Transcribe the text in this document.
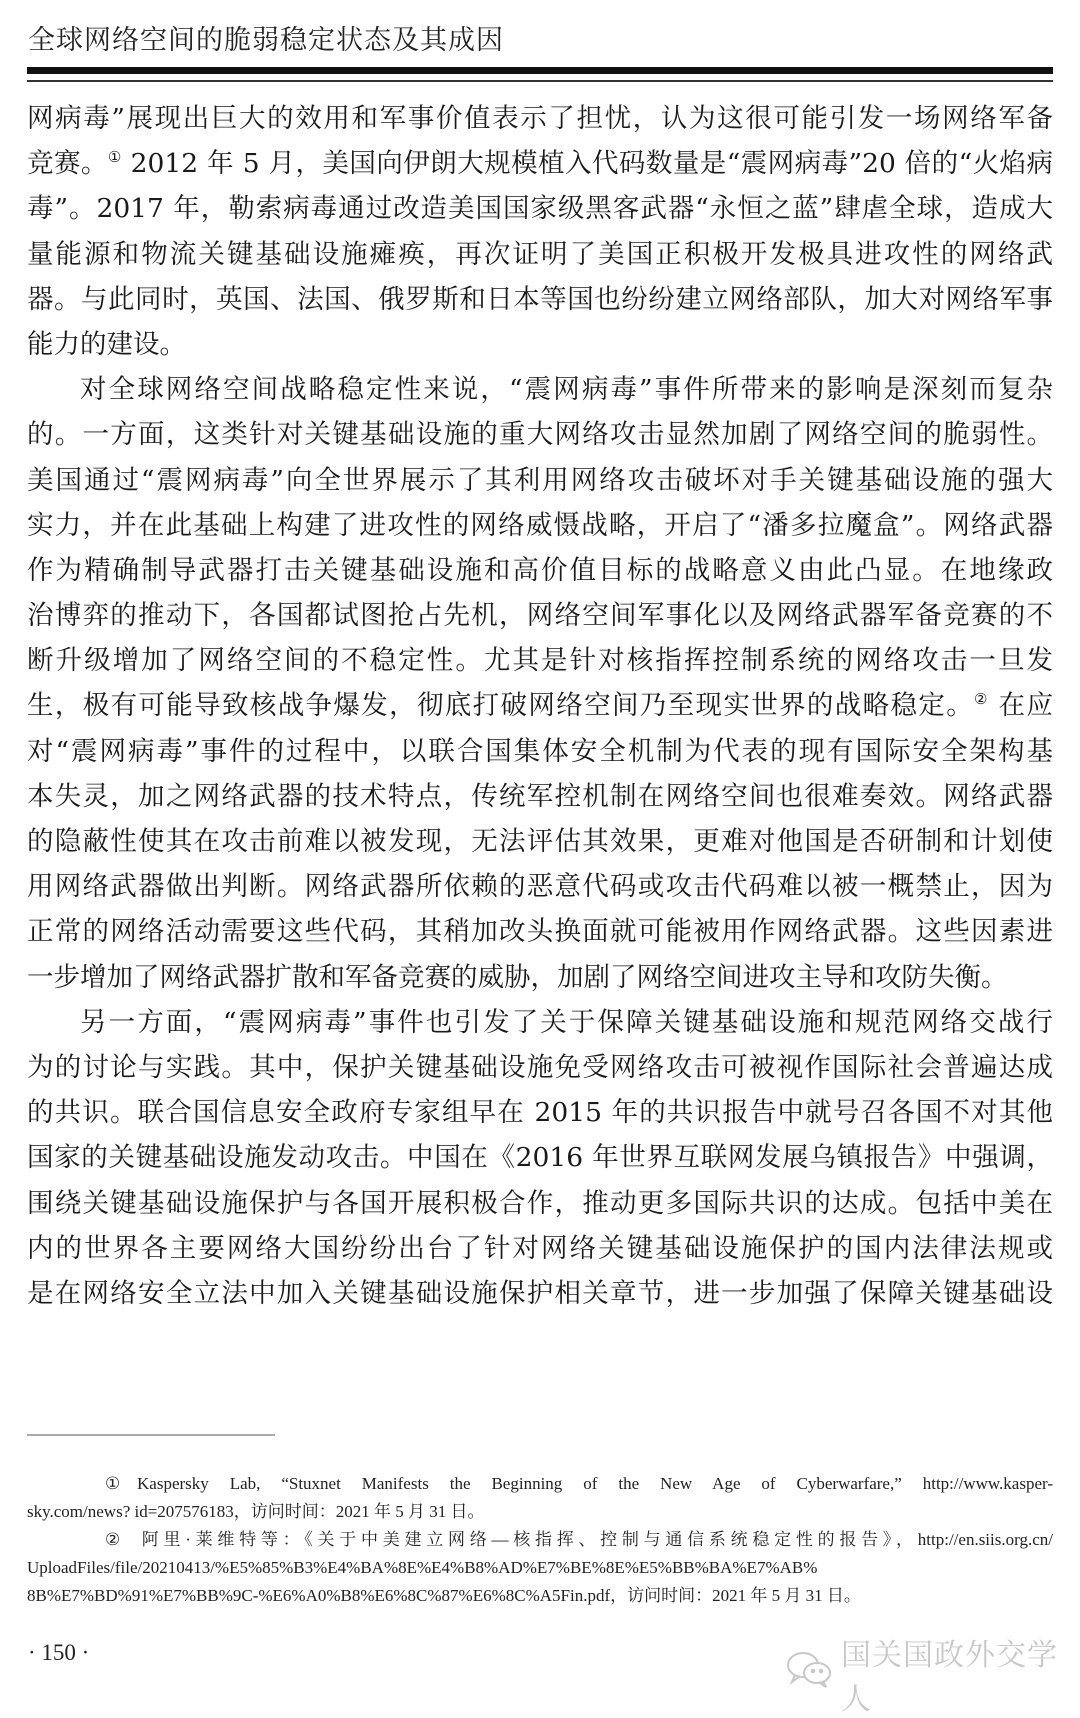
全球网络空间的脆弱稳定状态及其成因
网病毒”展现出巨大的效用和军事价值表示了担忧，认为这很可能引发一场网络军备
竞赛。① 2012 年 5 月，美国向伊朗大规模植入代码数量是“震网病毒”20 倍的“火焰病
毒”。2017 年，勒索病毒通过改造美国国家级黑客武器“永恒之蓝”肆虐全球，造成大
量能源和物流关键基础设施瘫痪，再次证明了美国正积极开发极具进攻性的网络武
器。与此同时，英国、法国、俄罗斯和日本等国也纷纷建立网络部队，加大对网络军事
能力的建设。
对全球网络空间战略稳定性来说，“震网病毒”事件所带来的影响是深刻而复杂
的。一方面，这类针对关键基础设施的重大网络攻击显然加剧了网络空间的脆弱性。
美国通过“震网病毒”向全世界展示了其利用网络攻击破坏对手关键基础设施的强大
实力，并在此基础上构建了进攻性的网络威慑战略，开启了“潘多拉魔盒”。网络武器
作为精确制导武器打击关键基础设施和高价值目标的战略意义由此凸显。在地缘政
治博弈的推动下，各国都试图抢占先机，网络空间军事化以及网络武器军备竞赛的不
断升级增加了网络空间的不稳定性。尤其是针对核指挥控制系统的网络攻击一旦发
生，极有可能导致核战争爆发，彻底打破网络空间乃至现实世界的战略稳定。② 在应
对“震网病毒”事件的过程中，以联合国集体安全机制为代表的现有国际安全架构基
本失灵，加之网络武器的技术特点，传统军控机制在网络空间也很难奏效。网络武器
的隐蔽性使其在攻击前难以被发现，无法评估其效果，更难对他国是否研制和计划使
用网络武器做出判断。网络武器所依赖的恶意代码或攻击代码难以被一概禁止，因为
正常的网络活动需要这些代码，其稍加改头换面就可能被用作网络武器。这些因素进
一步增加了网络武器扩散和军备竞赛的威胁，加剧了网络空间进攻主导和攻防失衡。
另一方面，“震网病毒”事件也引发了关于保障关键基础设施和规范网络交战行
为的讨论与实践。其中，保护关键基础设施免受网络攻击可被视作国际社会普遍达成
的共识。联合国信息安全政府专家组早在 2015 年的共识报告中就号召各国不对其他
国家的关键基础设施发动攻击。中国在《2016 年世界互联网发展乌镇报告》中强调，
围绕关键基础设施保护与各国开展积极合作，推动更多国际共识的达成。包括中美在
内的世界各主要网络大国纷纷出台了针对网络关键基础设施保护的国内法律法规或
是在网络安全立法中加入关键基础设施保护相关章节，进一步加强了保障关键基础设
① Kaspersky Lab, “Stuxnet Manifests the Beginning of the New Age of Cyberwarfare,” http://www.kasper-
sky.com/news? id=207576183，访问时间：2021 年 5 月 31 日。
② 阿里·莱维特等：《关于中美建立网络—核指挥、控制与通信系统稳定性的报告》，http://en.siis.org.cn/
UploadFiles/file/20210413/%E5%85%B3%E4%BA%8E%E4%B8%AD%E7%BE%8E%E5%BB%BA%E7%AB%
8B%E7%BD%91%E7%BB%9C-%E6%A0%B8%E6%8C%87%E6%8C%A5Fin.pdf，访问时间：2021 年 5 月 31 日。
· 150 ·	国关国政外交学人
